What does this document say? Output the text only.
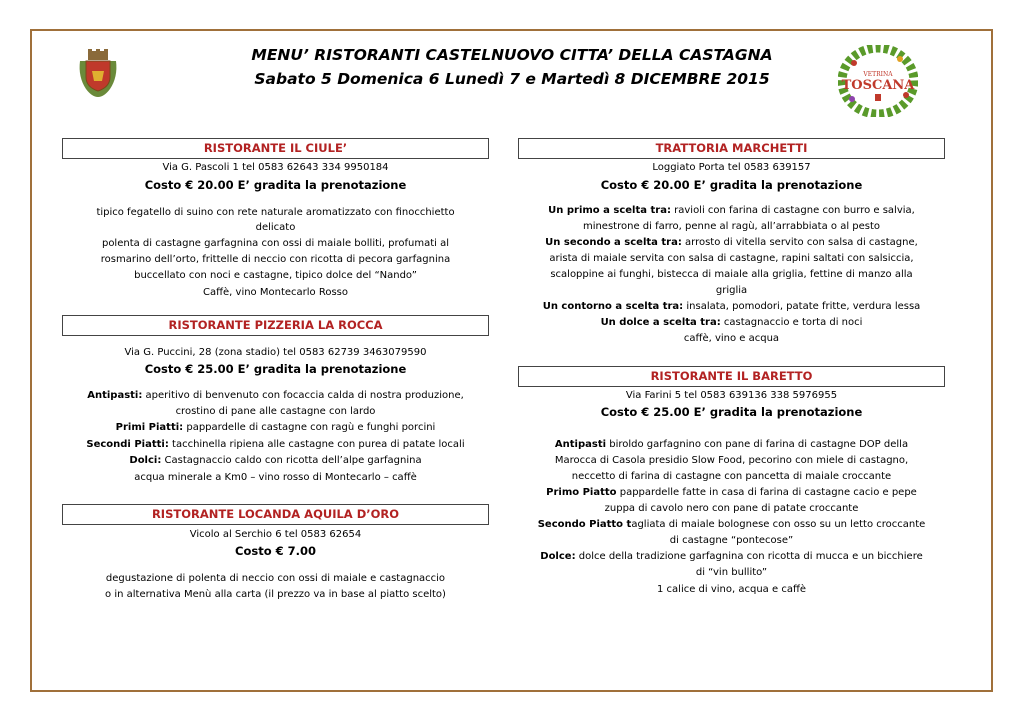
VETRINA
TOSCANA
MENU’ RISTORANTI CASTELNUOVO CITTA’ DELLA CASTAGNA
Sabato 5 Domenica 6 Lunedì 7 e Martedì 8 DICEMBRE 2015
RISTORANTE IL CIULE’
Via G. Pascoli 1 tel 0583 62643 334 9950184
Costo € 20.00 E’ gradita la prenotazione
tipico fegatello di suino con rete naturale aromatizzato con finocchietto
delicato
polenta di castagne garfagnina con ossi di maiale bolliti, profumati al
rosmarino dell’orto, frittelle di neccio con ricotta di pecora garfagnina
buccellato con noci e castagne, tipico dolce del “Nando”
Caffè, vino Montecarlo Rosso
RISTORANTE PIZZERIA LA ROCCA
Via G. Puccini, 28 (zona stadio) tel 0583 62739 3463079590
Costo € 25.00 E’ gradita la prenotazione
Antipasti: aperitivo di benvenuto con focaccia calda di nostra produzione,
crostino di pane alle castagne con lardo
Primi Piatti: pappardelle di castagne con ragù e funghi porcini
Secondi Piatti: tacchinella ripiena alle castagne con purea di patate locali
Dolci: Castagnaccio caldo con ricotta dell’alpe garfagnina
acqua minerale a Km0 – vino rosso di Montecarlo – caffè
RISTORANTE LOCANDA AQUILA D’ORO
Vicolo al Serchio 6 tel 0583 62654
Costo € 7.00
degustazione di polenta di neccio con ossi di maiale e castagnaccio
o in alternativa Menù alla carta (il prezzo va in base al piatto scelto)
TRATTORIA MARCHETTI
Loggiato Porta tel 0583 639157
Costo € 20.00 E’ gradita la prenotazione
Un primo a scelta tra: ravioli con farina di castagne con burro e salvia,
minestrone di farro, penne al ragù, all’arrabbiata o al pesto
Un secondo a scelta tra: arrosto di vitella servito con salsa di castagne,
arista di maiale servita con salsa di castagne, rapini saltati con salsiccia,
scaloppine ai funghi, bistecca di maiale alla griglia, fettine di manzo alla
griglia
Un contorno a scelta tra: insalata, pomodori, patate fritte, verdura lessa
Un dolce a scelta tra: castagnaccio e torta di noci
caffè, vino e acqua
RISTORANTE IL BARETTO
Via Farini 5 tel 0583 639136 338 5976955
Costo € 25.00 E’ gradita la prenotazione
Antipasti biroldo garfagnino con pane di farina di castagne DOP della
Marocca di Casola presidio Slow Food, pecorino con miele di castagno,
neccetto di farina di castagne con pancetta di maiale croccante
Primo Piatto pappardelle fatte in casa di farina di castagne cacio e pepe
zuppa di cavolo nero con pane di patate croccante
Secondo Piatto tagliata di maiale bolognese con osso su un letto croccante
di castagne “pontecose”
Dolce: dolce della tradizione garfagnina con ricotta di mucca e un bicchiere
di “vin bullito”
1 calice di vino, acqua e caffè
